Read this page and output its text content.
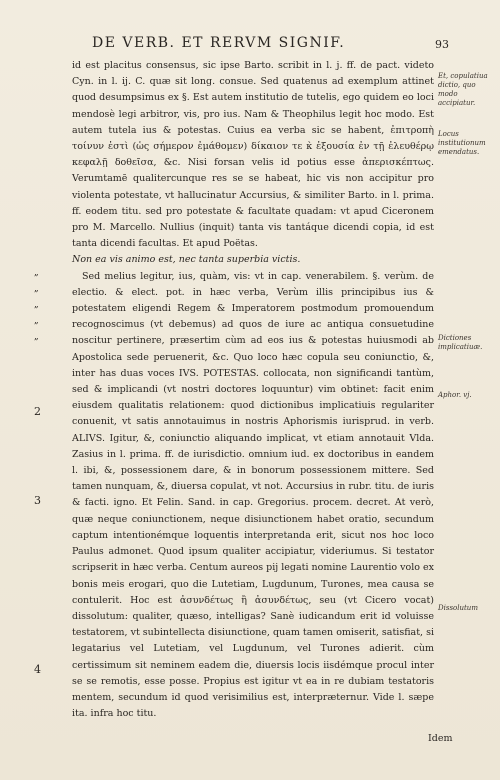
DE VERB. ET RERVM SIGNIF.	93

id est placitus consensus, sic ipse Barto. scribit in l. j. ff. de pact. videto Cyn. in l. ij. C. quæ sit long. consue. Sed quatenus ad exemplum attinet quod desumpsimus ex §. Est autem institutio de tutelis, ego quidem eo loci mendosè legi arbitror, vis, pro ius. Nam & Theophilus legit hoc modo. Est autem tutela ius & potestas. Cuius ea verba sic se habent, ἐπιτροπὴ τοίνυν ἐστὶ (ὡς σήμερον ἐμάθομεν) δίκαιον τε κ̀ ἐξουσία ἐν τῇ ἐλευθέρῳ κεφαλῇ δοθεῖσα, &c. Nisi forsan velis id potius esse ἀπερισκέπτως. Verumtamē qualitercunque res se se habeat, hic vis non accipitur pro violenta potestate, vt hallucinatur Accursius, & similiter Barto. in l. prima. ff. eodem titu. sed pro potestate & facultate quadam: vt apud Ciceronem pro M. Marcello. Nullius (inquit) tanta vis tantáque dicendi copia, id est tanta dicendi facultas. Et apud Poëtas.

Non ea vis animo est, nec tanta superbia victis.

Sed melius legitur, ius, quàm, vis: vt in cap. venerabilem. §. verùm. de electio. & elect. pot. in hæc verba, Verùm illis principibus ius & potestatem eligendi Regem & Imperatorem postmodum promouendum recognoscimus (vt debemus) ad quos de iure ac antiqua consuetudine noscitur pertinere, præsertim cùm ad eos ius & potestas huiusmodi ab Apostolica sede peruenerit, &c. Quo loco hæc copula seu coniunctio, &, inter has duas voces IVS. POTESTAS. collocata, non significandi tantùm, sed & implicandi (vt nostri doctores loquuntur) vim obtinet: facit enim eiusdem qualitatis relationem: quod dictionibus implicatiuis regulariter conuenit, vt satis annotauimus in nostris Aphorismis iurisprud. in verb. ALIVS. Igitur, &, coniunctio aliquando implicat, vt etiam annotauit Vlda. Zasius in l. prima. ff. de iurisdictio. omnium iud. ex doctoribus in eandem l. ibi, &, possessionem dare, & in bonorum possessionem mittere. Sed tamen nunquam, &, diuersa copulat, vt not. Accursius in rubr. titu. de iuris & facti. igno. Et Felin. Sand. in cap. Gregorius. procem. decret. At verò, quæ neque coniunctionem, neque disiunctionem habet oratio, secundum captum intentionémque loquentis interpretanda erit, sicut nos hoc loco Paulus admonet. Quod ipsum qualiter accipiatur, videriumus. Si testator scripserit in hæc verba. Centum aureos pij legati nomine Laurentio volo ex bonis meis erogari, quo die Lutetiam, Lugdunum, Turones, mea causa se contulerit. Hoc est ἀσυνδέτως ἢ ἀσυνδέτως, seu (vt Cicero vocat) dissolutum: qualiter, quæso, intelligas? Sanè iudicandum erit id voluisse testatorem, vt subintellecta disiunctione, quam tamen omiserit, satisfiat, si legatarius vel Lutetiam, vel Lugdunum, vel Turones adierit. cùm certissimum sit neminem eadem die, diuersis locis iisdémque procul inter se se remotis, esse posse. Propius est igitur vt ea in re dubiam testatoris mentem, secundum id quod verisimilius est, interpræternur. Vide l. sæpe ita. infra hoc titu.

Et, copulatiua dictio, quo modo accipiatur.
Locus institutionum emendatus.
Dictiones implicatiuæ.
Aphor. vj.
Dissolutum
„
„
„
„
„
2
3
4
Idem
